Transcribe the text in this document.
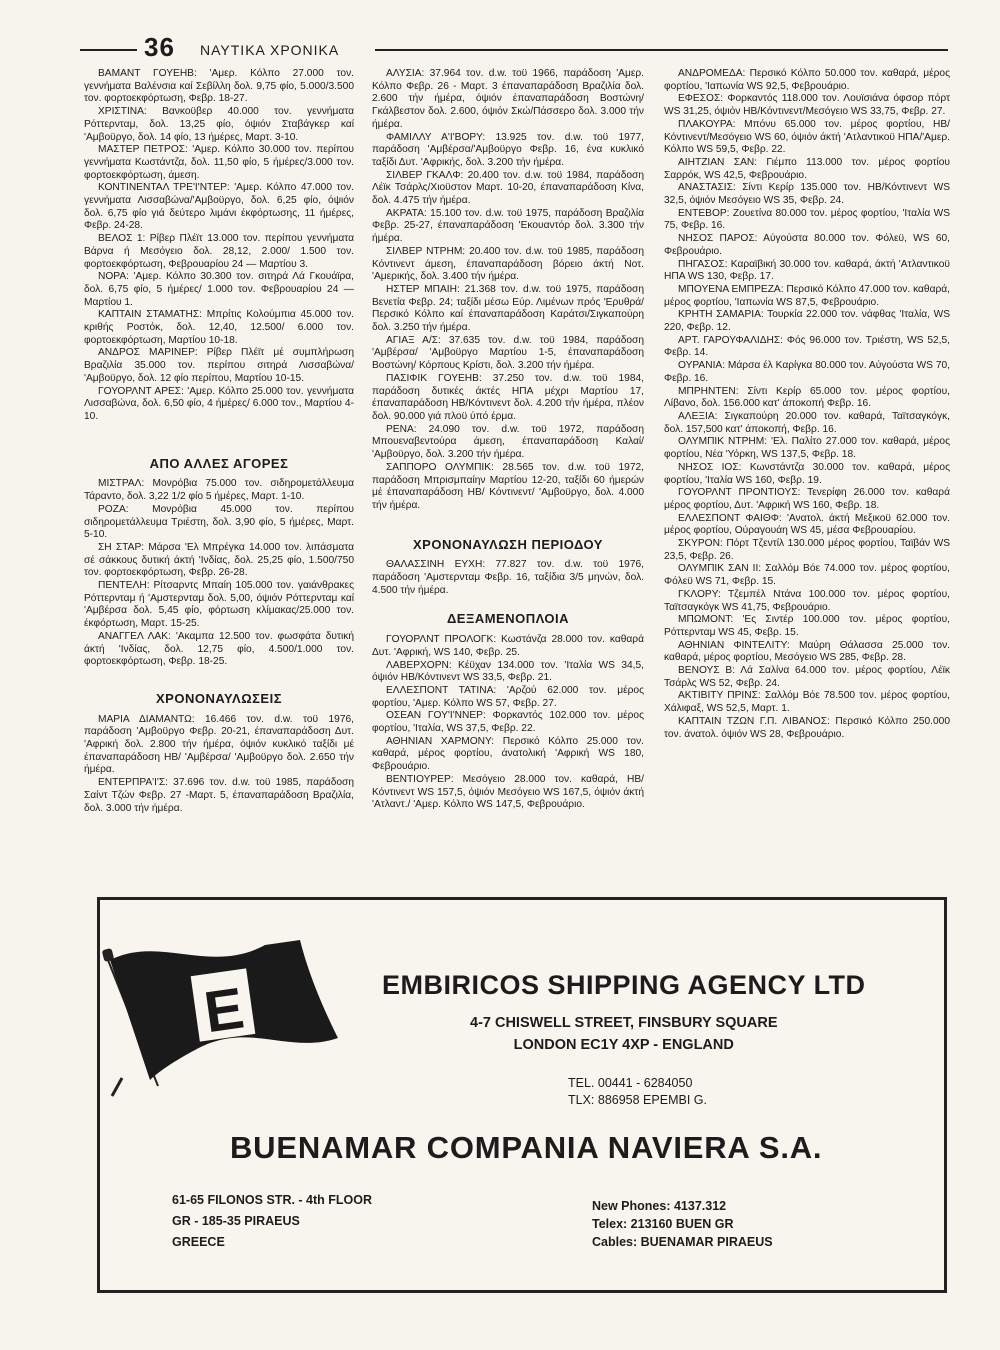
36 ΝΑΥΤΙΚΑ ΧΡΟΝΙΚΑ

ΒΑΜΑΝΤ ΓΟΥΕΗΒ: 'Αμερ. Κόλπο 27.000 τον. γεννήματα Βαλένσια καί Σεβίλλη δολ. 9,75 φίο, 5.000/3.500 τον. φορτοεκφόρτωση, Φεβρ. 18-27.

ΧΡΙΣΤΙΝΑ: Βανκοϋβερ 40.000 τον. γεννήματα Ρόττερνταμ, δολ. 13,25 φίο, όψιόν Σταβάγκερ καί 'Αμβοϋργο, δολ. 14 φίο, 13 ήμέρες, Μαρτ. 3-10.

ΜΑΣΤΕΡ ΠΕΤΡΟΣ: 'Αμερ. Κόλπο 30.000 τον. περίπου γεννήματα Κωστάντζα, δολ. 11,50 φίο, 5 ήμέρες/3.000 τον. φορτοεκφόρτωση, άμεση.

ΚΟΝΤΙΝΕΝΤΑΛ ΤΡΕ'Ι'ΝΤΕΡ: 'Αμερ. Κόλπο 47.000 τον. γεννήματα Λισσαβώνα/'Αμβοϋργο, δολ. 6,25 φίο, όψιόν δολ. 6,75 φίο γιά δεύτερο λιμάνι έκφόρτωσης, 11 ήμέρες, Φεβρ. 24-28.

ΒΕΛΟΣ 1: Ρίβερ Πλέϊτ 13.000 τον. περίπου γεννήματα Βάρνα ή Μεσόγειο δολ. 28,12, 2.000/ 1.500 τον. φορτοεκφόρτωση, Φεβρουαρίου 24 — Μαρτίου 3.

ΝΟΡΑ: 'Αμερ. Κόλπο 30.300 τον. σιτηρά Λά Γκουάϊρα, δολ. 6,75 φίο, 5 ήμέρες/ 1.000 τον. Φεβρουαρίου 24 — Μαρτίου 1.

ΚΑΠΤΑΙΝ ΣΤΑΜΑΤΗΣ: Μπρίτις Κολούμπια 45.000 τον. κριθής Ροστόκ, δολ. 12,40, 12.500/ 6.000 τον. φορτοεκφόρτωση, Μαρτίου 10-18.

ΑΝΔΡΟΣ ΜΑΡΙΝΕΡ: Ρίβερ Πλέϊτ μέ συμπλήρωση Βραζιλία 35.000 τον. περίπου σιτηρά Λισσαβώνα/ 'Αμβοϋργο, δολ. 12 φίο περίπου, Μαρτίου 10-15.

ΓΟΥΟΡΛΝΤ ΑΡΕΣ: 'Αμερ. Κόλπο 25.000 τον. γεννήματα Λισσαβώνα, δολ. 6,50 φίο, 4 ήμέρες/ 6.000 τον., Μαρτίου 4-10.

ΑΠΟ ΑΛΛΕΣ ΑΓΟΡΕΣ

ΜΙΣΤΡΑΛ: Μονρόβια 75.000 τον. σιδηρομετάλλευμα Τάραντο, δολ. 3,22 1/2 φίο 5 ήμέρες, Μαρτ. 1-10.

ΡΟΖΑ: Μονρόβια 45.000 τον. περίπου σιδηρομετάλλευμα Τριέστη, δολ. 3,90 φίο, 5 ήμέρες, Μαρτ. 5-10.

ΣΗ ΣΤΑΡ: Μάρσα 'Ελ Μπρέγκα 14.000 τον. λιπάσματα σέ σάκκους δυτική άκτή 'Ινδίας, δολ. 25,25 φίο, 1.500/750 τον. φορτοεκφόρτωση, Φεβρ. 26-28.

ΠΕΝΤΕΛΗ: Ρίτσαρντς Μπαίη 105.000 τον. γαιάνθρακες Ρόττερνταμ ή 'Αμστερνταμ δολ. 5,00, όψιόν Ρόττερνταμ καί 'Αμβέρσα δολ. 5,45 φίο, φόρτωση κλίμακας/25.000 τον. έκφόρτωση, Μαρτ. 15-25.

ΑΝΑΓΓΕΛ ΛΑΚ: 'Ακαμπα 12.500 τον. φωσφάτα δυτική άκτή 'Ινδίας, δολ. 12,75 φίο, 4.500/1.000 τον. φορτοεκφόρτωση, Φεβρ. 18-25.

ΧΡΟΝΟΝΑΥΛΩΣΕΙΣ

ΜΑΡΙΑ ΔΙΑΜΑΝΤΩ: 16.466 τον. d.w. τοϋ 1976, παράδοση 'Αμβοϋργο Φεβρ. 20-21, έπαναπαράδοση Δυτ. 'Αφρική δολ. 2.800 τήν ήμέρα, όψιόν κυκλικό ταξίδι μέ έπαναπαράδοση ΗΒ/ 'Αμβέρσα/ 'Αμβοϋργο δολ. 2.650 τήν ήμέρα.

ΕΝΤΕΡΠΡΑ'Ι'Σ: 37.696 τον. d.w. τοϋ 1985, παράδοση Σαίντ Τζών Φεβρ. 27 -Μαρτ. 5, έπαναπαράδοση Βραζιλία, δολ. 3.000 τήν ήμέρα.

ΑΛΥΣΙΑ: 37.964 τον. d.w. τοϋ 1966, παράδοση 'Αμερ. Κόλπο Φεβρ. 26 - Μαρτ. 3 έπαναπαράδοση Βραζιλία δολ. 2.600 τήν ήμέρα, όψιόν έπαναπαράδοση Βοστώνη/Γκάλβεστον δολ. 2.600, όψιόν Σκώ/Πάσσερο δολ. 3.000 τήν ήμέρα.

ΦΑΜΙΛΛΥ Α'Ι'ΒΟΡΥ: 13.925 τον. d.w. τοϋ 1977, παράδοση 'Αμβέρσα/'Αμβοϋργο Φεβρ. 16, ένα κυκλικό ταξίδι Δυτ. 'Αφρικής, δολ. 3.200 τήν ήμέρα.

ΣΙΛΒΕΡ ΓΚΑΛΦ: 20.400 τον. d.w. τοϋ 1984, παράδοση Λέϊκ Τσάρλς/Χιοϋστον Μαρτ. 10-20, έπαναπαράδοση Κίνα, δολ. 4.475 τήν ήμέρα.

ΑΚΡΑΤΑ: 15.100 τον. d.w. τοϋ 1975, παράδοση Βραζιλία Φεβρ. 25-27, έπαναπαράδοση 'Εκουαντόρ δολ. 3.300 τήν ήμέρα.

ΣΙΛΒΕΡ ΝΤΡΗΜ: 20.400 τον. d.w. τοϋ 1985, παράδοση Κόντινεντ άμεση, έπαναπαράδοση βόρειο άκτή Νοτ. 'Αμερικής, δολ. 3.400 τήν ήμέρα.

ΗΣΤΕΡ ΜΠΑΙΗ: 21.368 τον. d.w. τοϋ 1975, παράδοση Βενετία Φεβρ. 24; ταξίδι μέσω Εύρ. Λιμένων πρός 'Ερυθρά/Περσικό Κόλπο καί έπαναπαράδοση Καράτσι/Σιγκαπούρη δολ. 3.250 τήν ήμέρα.

ΑΓΙΑΞ Α/Σ: 37.635 τον. d.w. τοϋ 1984, παράδοση 'Αμβέρσα/ 'Αμβοϋργο Μαρτίου 1-5, έπαναπαράδοση Βοστώνη/ Κόρπους Κρίστι, δολ. 3.200 τήν ήμέρα.

ΠΑΣΙΦΙΚ ΓΟΥΕΗΒ: 37.250 τον. d.w. τοϋ 1984, παράδοση δυτικές άκτές ΗΠΑ μέχρι Μαρτίου 17, έπαναπαράδοση ΗΒ/Κόντινεντ δολ. 4.200 τήν ήμέρα, πλέον δολ. 90.000 γιά πλοϋ ύπό έρμα.

ΡΕΝΑ: 24.090 τον. d.w. τοϋ 1972, παράδοση Μπουεναβεντούρα άμεση, έπαναπαράδοση Καλαί/ 'Αμβοϋργο, δολ. 3.200 τήν ήμέρα.

ΣΑΠΠΟΡΟ ΟΛΥΜΠΙΚ: 28.565 τον. d.w. τοϋ 1972, παράδοση Μπρισμπαίην Μαρτίου 12-20, ταξίδι 60 ήμερών μέ έπαναπαράδοση ΗΒ/ Κόντινεντ/ 'Αμβοϋργο, δολ. 4.000 τήν ήμέρα.

ΧΡΟΝΟΝΑΥΛΩΣΗ ΠΕΡΙΟΔΟΥ

ΘΑΛΑΣΣΙΝΗ ΕΥΧΗ: 77.827 τον. d.w. τοϋ 1976, παράδοση 'Αμστερνταμ Φεβρ. 16, ταξίδια 3/5 μηνών, δολ. 4.500 τήν ήμέρα.

ΔΕΞΑΜΕΝΟΠΛΟΙΑ

ΓΟΥΟΡΛΝΤ ΠΡΟΛΟΓΚ: Κωστάνζα 28.000 τον. καθαρά Δυτ. 'Αφρική, WS 140, Φεβρ. 25.

ΛΑΒΕΡΧΟΡΝ: Κέϋχαν 134.000 τον. 'Ιταλία WS 34,5, όψιόν ΗΒ/Κόντινεντ WS 33,5, Φεβρ. 21.

ΕΛΛΕΣΠΟΝΤ ΤΑΤΙΝΑ: 'Αρζού 62.000 τον. μέρος φορτίου, 'Αμερ. Κόλπο WS 57, Φεβρ. 27.

ΟΣΕΑΝ ΓΟΥ'Ι'ΝΝΕΡ: Φορκαντός 102.000 τον. μέρος φορτίου, 'Ιταλία, WS 37,5, Φεβρ. 22.

ΑΘΗΝΙΑΝ ΧΑΡΜΟΝΥ: Περσικό Κόλπο 25.000 τον. καθαρά, μέρος φορτίου, άνατολική 'Αφρική WS 180, Φεβρουάριο.

ΒΕΝΤΙΟΥΡΕΡ: Μεσόγειο 28.000 τον. καθαρά, ΗΒ/Κόντινεντ WS 157,5, όψιόν Μεσόγειο WS 167,5, όψιόν άκτή 'Ατλαντ./ 'Αμερ. Κόλπο WS 147,5, Φεβρουάριο.

ΑΝΔΡΟΜΕΔΑ: Περσικό Κόλπο 50.000 τον. καθαρά, μέρος φορτίου, 'Ιαπωνία WS 92,5, Φεβρουάριο.

ΕΦΕΣΟΣ: Φορκαντός 118.000 τον. Λουϊσιάνα όφσορ πόρτ WS 31,25, όψιόν ΗΒ/Κόντινεντ/Μεσόγειο WS 33,75, Φεβρ. 27.

ΠΛΑΚΟΥΡΑ: Μπόνυ 65.000 τον. μέρος φορτίου, ΗΒ/Κόντινεντ/Μεσόγειο WS 60, όψιόν άκτή 'Ατλαντικοϋ ΗΠΑ/'Αμερ. Κόλπο WS 59,5, Φεβρ. 22.

ΑΙΗΤΖΙΑΝ ΣΑΝ: Γιέμπο 113.000 τον. μέρος φορτίου Σαρρόκ, WS 42,5, Φεβρουάριο.

ΑΝΑΣΤΑΣΙΣ: Σίντι Κερίρ 135.000 τον. ΗΒ/Κόντινεντ WS 32,5, όψιόν Μεσόγειο WS 35, Φεβρ. 24.

ΕΝΤΕΒΟΡ: Ζουετίνα 80.000 τον. μέρος φορτίου, 'Ιταλία WS 75, Φεβρ. 16.

ΝΗΣΟΣ ΠΑΡΟΣ: Αύγούστα 80.000 τον. Φόλεϋ, WS 60, Φεβρουάριο.

ΠΗΓΑΣΟΣ: Καραϊβική 30.000 τον. καθαρά, άκτή 'Ατλαντικοϋ ΗΠΑ WS 130, Φεβρ. 17.

ΜΠΟΥΕΝΑ ΕΜΠΡΕΖΑ: Περσικό Κόλπο 47.000 τον. καθαρά, μέρος φορτίου, 'Ιαπωνία WS 87,5, Φεβρουάριο.

ΚΡΗΤΗ ΣΑΜΑΡΙΑ: Τουρκία 22.000 τον. νάφθας 'Ιταλία, WS 220, Φεβρ. 12.

ΑΡΤ. ΓΑΡΟΥΦΑΛΙΔΗΣ: Φός 96.000 τον. Τριέστη, WS 52,5, Φεβρ. 14.

ΟΥΡΑΝΙΑ: Μάρσα έλ Καρίγκα 80.000 τον. Αύγούστα WS 70, Φεβρ. 16.

ΜΠΡΗΝΤΕΝ: Σίντι Κερίρ 65.000 τον. μέρος φορτίου, Λίβανο, δολ. 156.000 κατ' άποκοπή Φεβρ. 16.

ΑΛΕΞΙΑ: Σιγκαπούρη 20.000 τον. καθαρά, Ταϊτσαγκόγκ, δολ. 157,500 κατ' άποκοπή, Φεβρ. 16.

ΟΛΥΜΠΙΚ ΝΤΡΗΜ: 'Ελ. Παλίτο 27.000 τον. καθαρά, μέρος φορτίου, Νέα 'Υόρκη, WS 137,5, Φεβρ. 18.

ΝΗΣΟΣ ΙΟΣ: Κωνστάντζα 30.000 τον. καθαρά, μέρος φορτίου, 'Ιταλία WS 160, Φεβρ. 19.

ΓΟΥΟΡΛΝΤ ΠΡΟΝΤΙΟΥΣ: Τενερίφη 26.000 τον. καθαρά μέρος φορτίου, Δυτ. 'Αφρική WS 160, Φεβρ. 18.

ΕΛΛΕΣΠΟΝΤ ΦΑΙΘΦ: 'Ανατολ. άκτή Μεξικοϋ 62.000 τον. μέρος φορτίου, Ούραγουάη WS 45, μέσα Φεβρουαρίου.

ΣΚΥΡΟΝ: Πόρτ Τζεντίλ 130.000 μέρος φορτίου, Ταϊβάν WS 23,5, Φεβρ. 26.

ΟΛΥΜΠΙΚ ΣΑΝ ΙΙ: Σαλλόμ Βόε 74.000 τον. μέρος φορτίου, Φόλεϋ WS 71, Φεβρ. 15.

ΓΚΛΟΡΥ: Τζεμπέλ Ντάνα 100.000 τον. μέρος φορτίου, Ταϊτσαγκόγκ WS 41,75, Φεβρουάριο.

ΜΠΩΜΟΝΤ: 'Ες Σιντέρ 100.000 τον. μέρος φορτίου, Ρόττερνταμ WS 45, Φεβρ. 15.

ΑΘΗΝΙΑΝ ΦΙΝΤΕΛΙΤΥ: Μαύρη Θάλασσα 25.000 τον. καθαρά, μέρος φορτίου, Μεσόγειο WS 285, Φεβρ. 28.

ΒΕΝΟΥΣ Β: Λά Σαλίνα 64.000 τον. μέρος φορτίου, Λέϊκ Τσάρλς WS 52, Φεβρ. 24.

ΑΚΤΙΒΙΤΥ ΠΡΙΝΣ: Σαλλόμ Βόε 78.500 τον. μέρος φορτίου, Χάλιφαξ, WS 52,5, Μαρτ. 1.

ΚΑΠΤΑΙΝ ΤΖΩΝ Γ.Π. ΛΙΒΑΝΟΣ: Περσικό Κόλπο 250.000 τον. άνατολ. όψιόν WS 28, Φεβρουάριο.

E	EMBIRICOS SHIPPING AGENCY LTD
4-7 CHISWELL STREET, FINSBURY SQUARE
LONDON EC1Y 4XP - ENGLAND
TEL. 00441 - 6284050
TLX: 886958 EPEMBI G.
BUENAMAR COMPANIA NAVIERA S.A.
61-65 FILONOS STR. - 4th FLOOR
GR - 185-35 PIRAEUS
GREECE
New Phones: 4137.312
Telex: 213160 BUEN GR
Cables: BUENAMAR PIRAEUS
